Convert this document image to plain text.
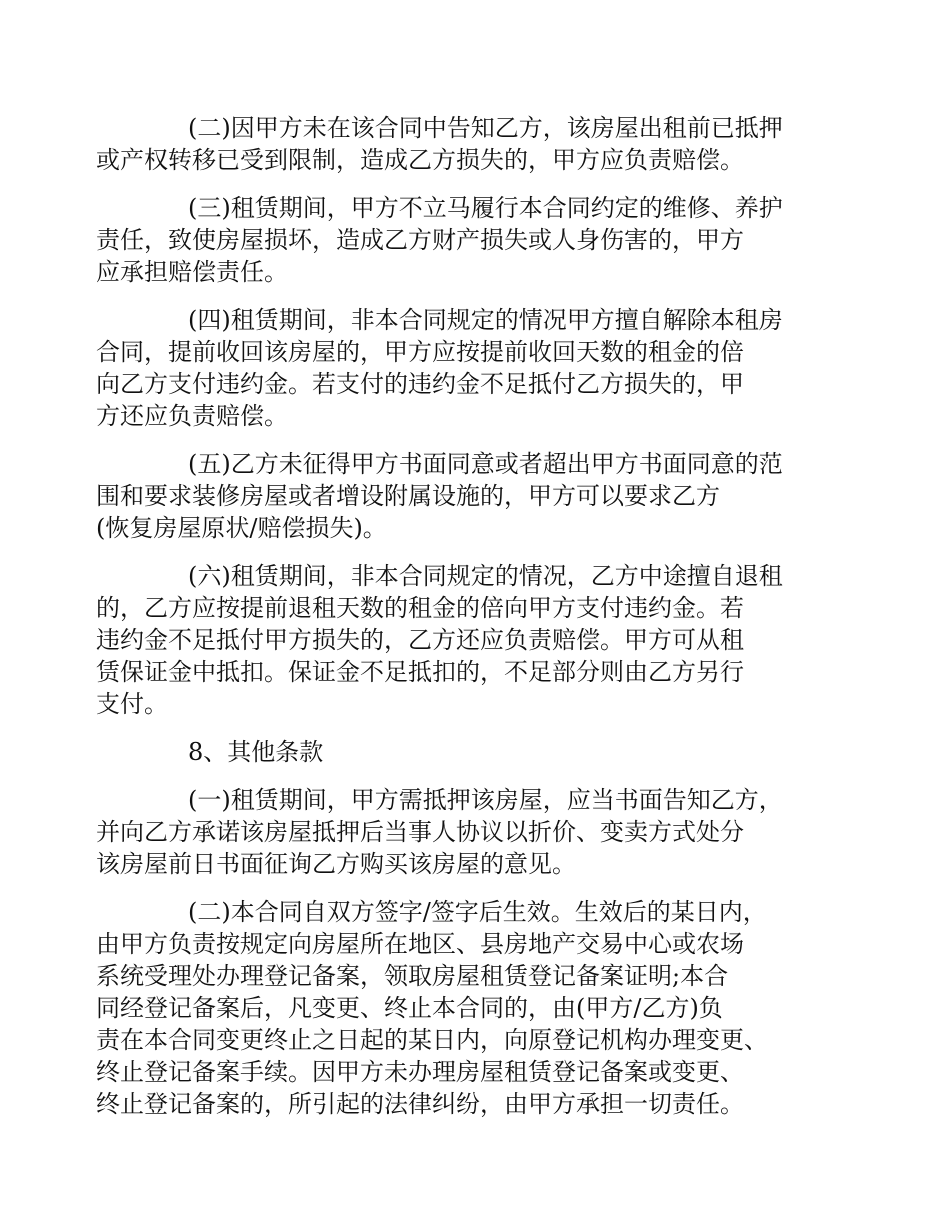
(二)因甲方未在该合同中告知乙方，该房屋出租前已抵押
或产权转移已受到限制，造成乙方损失的，甲方应负责赔偿。

(三)租赁期间，甲方不立马履行本合同约定的维修、养护
责任，致使房屋损坏，造成乙方财产损失或人身伤害的，甲方
应承担赔偿责任。

(四)租赁期间，非本合同规定的情况甲方擅自解除本租房
合同，提前收回该房屋的，甲方应按提前收回天数的租金的倍
向乙方支付违约金。若支付的违约金不足抵付乙方损失的，甲
方还应负责赔偿。

(五)乙方未征得甲方书面同意或者超出甲方书面同意的范
围和要求装修房屋或者增设附属设施的，甲方可以要求乙方
(恢复房屋原状/赔偿损失)。

(六)租赁期间，非本合同规定的情况，乙方中途擅自退租
的，乙方应按提前退租天数的租金的倍向甲方支付违约金。若
违约金不足抵付甲方损失的，乙方还应负责赔偿。甲方可从租
赁保证金中抵扣。保证金不足抵扣的，不足部分则由乙方另行
支付。

8、其他条款

(一)租赁期间，甲方需抵押该房屋，应当书面告知乙方，
并向乙方承诺该房屋抵押后当事人协议以折价、变卖方式处分
该房屋前日书面征询乙方购买该房屋的意见。

(二)本合同自双方签字/签字后生效。生效后的某日内，
由甲方负责按规定向房屋所在地区、县房地产交易中心或农场
系统受理处办理登记备案，领取房屋租赁登记备案证明;本合
同经登记备案后，凡变更、终止本合同的，由(甲方/乙方)负
责在本合同变更终止之日起的某日内，向原登记机构办理变更、
终止登记备案手续。因甲方未办理房屋租赁登记备案或变更、
终止登记备案的，所引起的法律纠纷，由甲方承担一切责任。
